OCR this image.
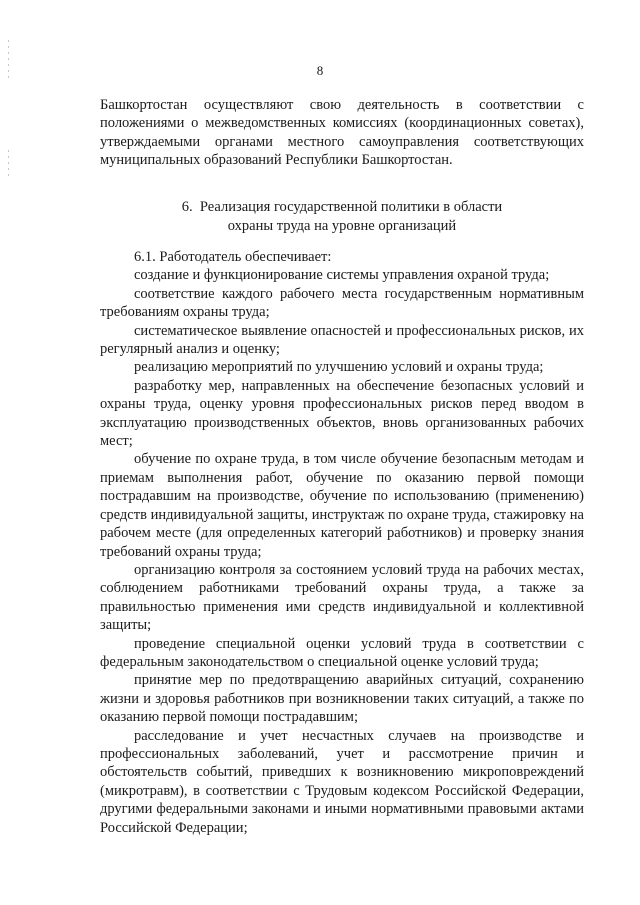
8

Башкортостан осуществляют свою деятельность в соответствии с положениями о межведомственных комиссиях (координационных советах), утверждаемыми органами местного самоуправления соответствующих муниципальных образований Республики Башкортостан.

6. Реализация государственной политики в области
охраны труда на уровне организаций

6.1. Работодатель обеспечивает:

создание и функционирование системы управления охраной труда;

соответствие каждого рабочего места государственным нормативным требованиям охраны труда;

систематическое выявление опасностей и профессиональных рисков, их регулярный анализ и оценку;

реализацию мероприятий по улучшению условий и охраны труда;

разработку мер, направленных на обеспечение безопасных условий и охраны труда, оценку уровня профессиональных рисков перед вводом в эксплуатацию производственных объектов, вновь организованных рабочих мест;

обучение по охране труда, в том числе обучение безопасным методам и приемам выполнения работ, обучение по оказанию первой помощи пострадавшим на производстве, обучение по использованию (применению) средств индивидуальной защиты, инструктаж по охране труда, стажировку на рабочем месте (для определенных категорий работников) и проверку знания требований охраны труда;

организацию контроля за состоянием условий труда на рабочих местах, соблюдением работниками требований охраны труда, а также за правильностью применения ими средств индивидуальной и коллективной защиты;

проведение специальной оценки условий труда в соответствии с федеральным законодательством о специальной оценке условий труда;

принятие мер по предотвращению аварийных ситуаций, сохранению жизни и здоровья работников при возникновении таких ситуаций, а также по оказанию первой помощи пострадавшим;

расследование и учет несчастных случаев на производстве и профессиональных заболеваний, учет и рассмотрение причин и обстоятельств событий, приведших к возникновению микроповреждений (микротравм), в соответствии с Трудовым кодексом Российской Федерации, другими федеральными законами и иными нормативными правовыми актами Российской Федерации;
